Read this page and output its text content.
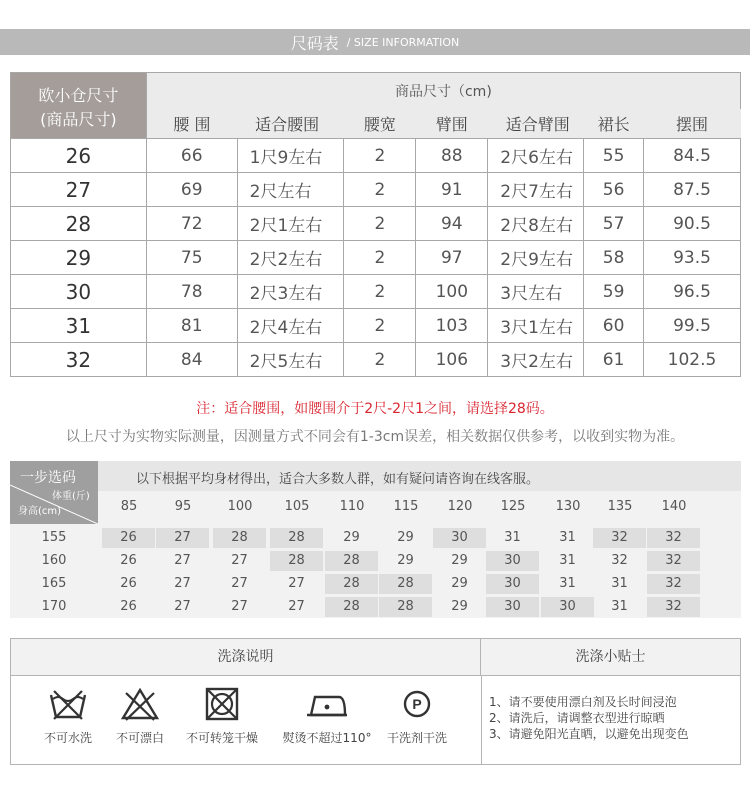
尺码表 / SIZE INFORMATION
欧小仓尺寸
(商品尺寸)	商品尺寸（cm)						
	腰 围	适合腰围	腰宽	臂围	适合臂围	裙长	摆围
26	66	1尺9左右	2	88	2尺6左右	55	84.5
27	69	2尺左右	2	91	2尺7左右	56	87.5
28	72	2尺1左右	2	94	2尺8左右	57	90.5
29	75	2尺2左右	2	97	2尺9左右	58	93.5
30	78	2尺3左右	2	100	3尺左右	59	96.5
31	81	2尺4左右	2	103	3尺1左右	60	99.5
32	84	2尺5左右	2	106	3尺2左右	61	102.5
注：适合腰围，如腰围介于2尺-2尺1之间，请选择28码。
以上尺寸为实物实际测量，因测量方式不同会有1-3cm误差，相关数据仅供参考，以收到实物为准。
一步选码
体重(斤)
身高(cm)
以下根据平均身材得出，适合大多数人群，如有疑问请咨询在线客服。
85	95	100	105	110	115	120	125	130	135	140
155	26	27	28	28	29	29	30	31	31	32	32
160	26	27	27	28	28	29	29	30	31	32	32
165	26	27	27	27	28	28	29	30	31	31	32
170	26	27	27	27	28	28	29	30	30	31	32
洗涤说明	洗涤小贴士
不可水洗	不可漂白	不可转笼干燥	熨烫不超过110°
P
干洗剂干洗
1、请不要使用漂白剂及长时间浸泡
2、请洗后，请调整衣型进行晾晒
3、请避免阳光直晒，以避免出现变色
